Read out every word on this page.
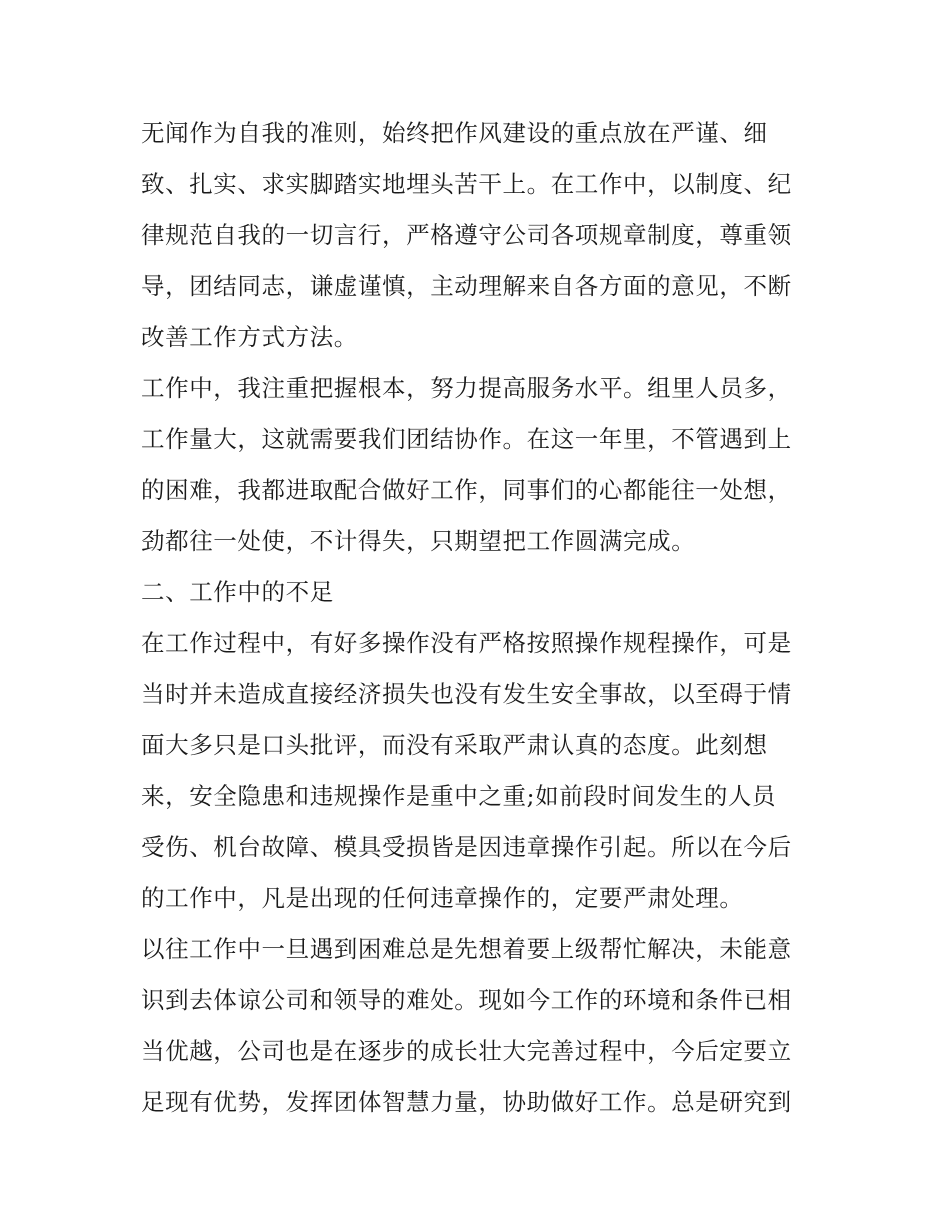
无闻作为自我的准则，始终把作风建设的重点放在严谨、细
致、扎实、求实脚踏实地埋头苦干上。在工作中，以制度、纪
律规范自我的一切言行，严格遵守公司各项规章制度，尊重领
导，团结同志，谦虚谨慎，主动理解来自各方面的意见，不断
改善工作方式方法。
工作中，我注重把握根本，努力提高服务水平。组里人员多，
工作量大，这就需要我们团结协作。在这一年里，不管遇到上
的困难，我都进取配合做好工作，同事们的心都能往一处想，
劲都往一处使，不计得失，只期望把工作圆满完成。
二、工作中的不足
在工作过程中，有好多操作没有严格按照操作规程操作，可是
当时并未造成直接经济损失也没有发生安全事故，以至碍于情
面大多只是口头批评，而没有采取严肃认真的态度。此刻想
来，安全隐患和违规操作是重中之重;如前段时间发生的人员
受伤、机台故障、模具受损皆是因违章操作引起。所以在今后
的工作中，凡是出现的任何违章操作的，定要严肃处理。
以往工作中一旦遇到困难总是先想着要上级帮忙解决，未能意
识到去体谅公司和领导的难处。现如今工作的环境和条件已相
当优越，公司也是在逐步的成长壮大完善过程中，今后定要立
足现有优势，发挥团体智慧力量，协助做好工作。总是研究到
